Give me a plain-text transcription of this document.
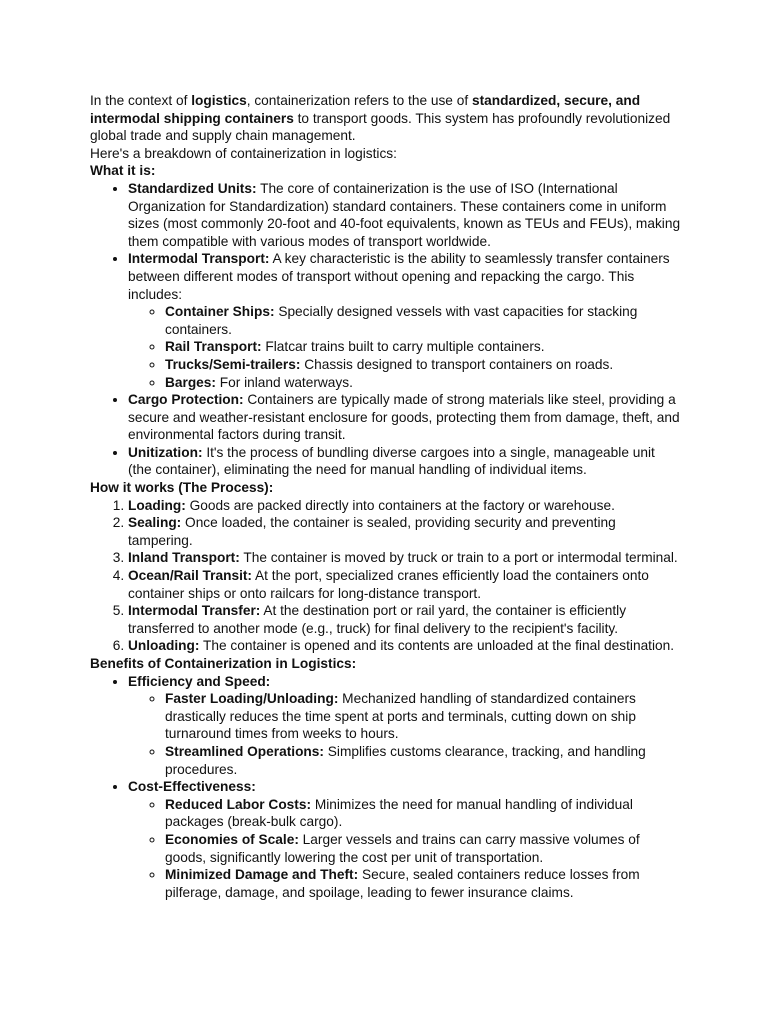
In the context of logistics, containerization refers to the use of standardized, secure, and intermodal shipping containers to transport goods. This system has profoundly revolutionized global trade and supply chain management.

Here's a breakdown of containerization in logistics:

What it is:

• Standardized Units: The core of containerization is the use of ISO (International Organization for Standardization) standard containers. These containers come in uniform sizes (most commonly 20-foot and 40-foot equivalents, known as TEUs and FEUs), making them compatible with various modes of transport worldwide.
• Intermodal Transport: A key characteristic is the ability to seamlessly transfer containers between different modes of transport without opening and repacking the cargo. This includes:
◦ Container Ships: Specially designed vessels with vast capacities for stacking containers.
◦ Rail Transport: Flatcar trains built to carry multiple containers.
◦ Trucks/Semi-trailers: Chassis designed to transport containers on roads.
◦ Barges: For inland waterways.
• Cargo Protection: Containers are typically made of strong materials like steel, providing a secure and weather-resistant enclosure for goods, protecting them from damage, theft, and environmental factors during transit.
• Unitization: It's the process of bundling diverse cargoes into a single, manageable unit (the container), eliminating the need for manual handling of individual items.

How it works (The Process):

1. Loading: Goods are packed directly into containers at the factory or warehouse.
2. Sealing: Once loaded, the container is sealed, providing security and preventing tampering.
3. Inland Transport: The container is moved by truck or train to a port or intermodal terminal.
4. Ocean/Rail Transit: At the port, specialized cranes efficiently load the containers onto container ships or onto railcars for long-distance transport.
5. Intermodal Transfer: At the destination port or rail yard, the container is efficiently transferred to another mode (e.g., truck) for final delivery to the recipient's facility.
6. Unloading: The container is opened and its contents are unloaded at the final destination.

Benefits of Containerization in Logistics:

• Efficiency and Speed:
◦ Faster Loading/Unloading: Mechanized handling of standardized containers drastically reduces the time spent at ports and terminals, cutting down on ship turnaround times from weeks to hours.
◦ Streamlined Operations: Simplifies customs clearance, tracking, and handling procedures.
• Cost-Effectiveness:
◦ Reduced Labor Costs: Minimizes the need for manual handling of individual packages (break-bulk cargo).
◦ Economies of Scale: Larger vessels and trains can carry massive volumes of goods, significantly lowering the cost per unit of transportation.
◦ Minimized Damage and Theft: Secure, sealed containers reduce losses from pilferage, damage, and spoilage, leading to fewer insurance claims.
